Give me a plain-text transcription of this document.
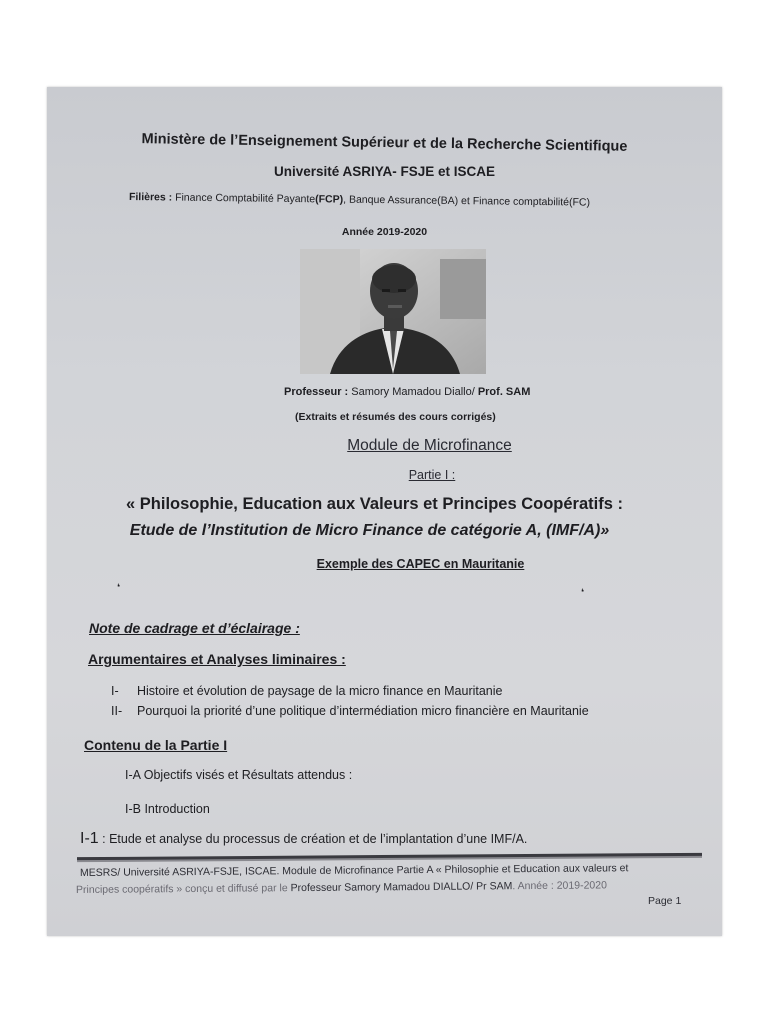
Ministère de l’Enseignement Supérieur et de la Recherche Scientifique
Université ASRIYA- FSJE et ISCAE
Filières : Finance Comptabilité Payante(FCP), Banque Assurance(BA) et Finance comptabilité(FC)
Année 2019-2020
Professeur : Samory Mamadou Diallo/ Prof. SAM
(Extraits et résumés des cours corrigés)
Module de Microfinance
Partie I :
« Philosophie, Education aux Valeurs et Principes Coopératifs :
Etude de l’Institution de Micro Finance de catégorie A, (IMF/A)»
Exemple des CAPEC en Mauritanie
❛	❛
Note de cadrage et d’éclairage :
Argumentaires et Analyses liminaires :
I- Histoire et évolution de paysage de la micro finance en Mauritanie
II- Pourquoi la priorité d’une politique d’intermédiation micro financière en Mauritanie
Contenu de la Partie I
I-A Objectifs visés et Résultats attendus :
I-B Introduction
I-1 : Etude et analyse du processus de création et de l’implantation d’une IMF/A.
MESRS/ Université ASRIYA-FSJE, ISCAE. Module de Microfinance Partie A « Philosophie et Education aux valeurs et
Principes coopératifs » conçu et diffusé par le Professeur Samory Mamadou DIALLO/ Pr SAM. Année : 2019-2020
Page 1
